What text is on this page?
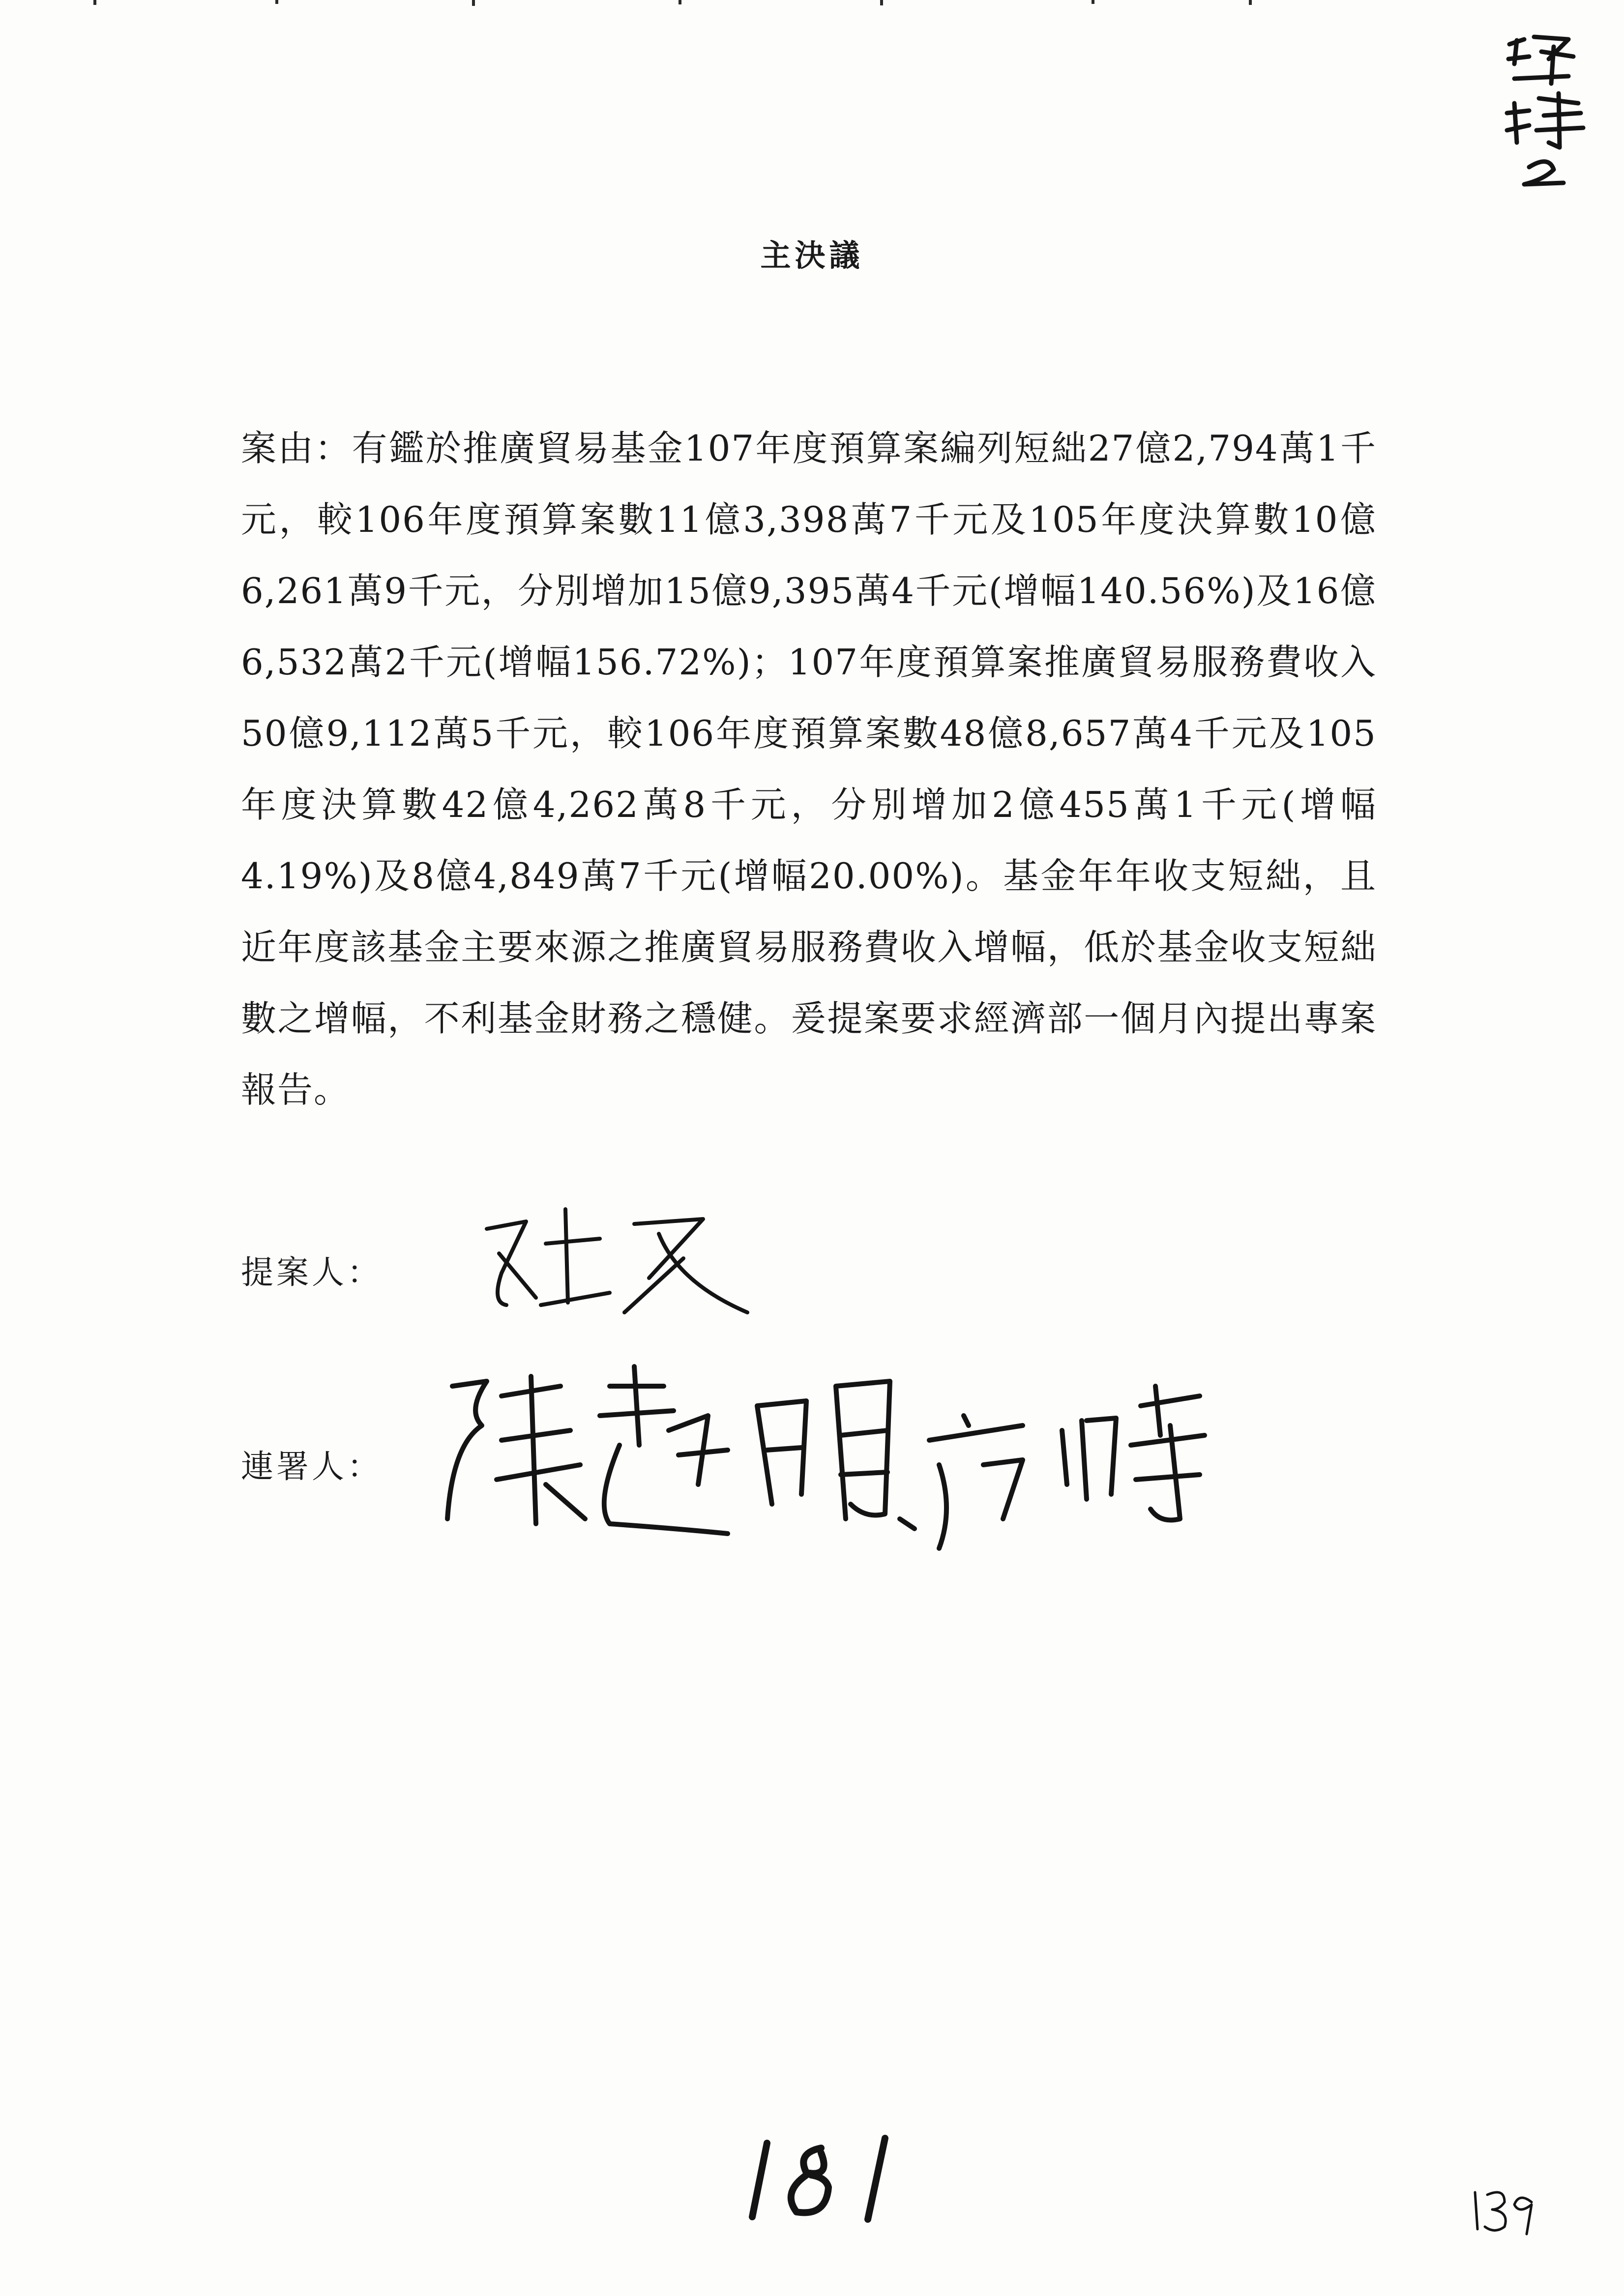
主決議
案由：有鑑於推廣貿易基金107年度預算案編列短絀27億2,794萬1千元，較106年度預算案數11億3,398萬7千元及105年度決算數10億6,261萬9千元，分別增加15億9,395萬4千元(增幅140.56%)及16億6,532萬2千元(增幅156.72%)；107年度預算案推廣貿易服務費收入50億9,112萬5千元，較106年度預算案數48億8,657萬4千元及105年度決算數42億4,262萬8千元，分別增加2億455萬1千元(增幅4.19%)及8億4,849萬7千元(增幅20.00%)。基金年年收支短絀，且近年度該基金主要來源之推廣貿易服務費收入增幅，低於基金收支短絀數之增幅，不利基金財務之穩健。爰提案要求經濟部一個月內提出專案報告。
提案人：
連署人：
